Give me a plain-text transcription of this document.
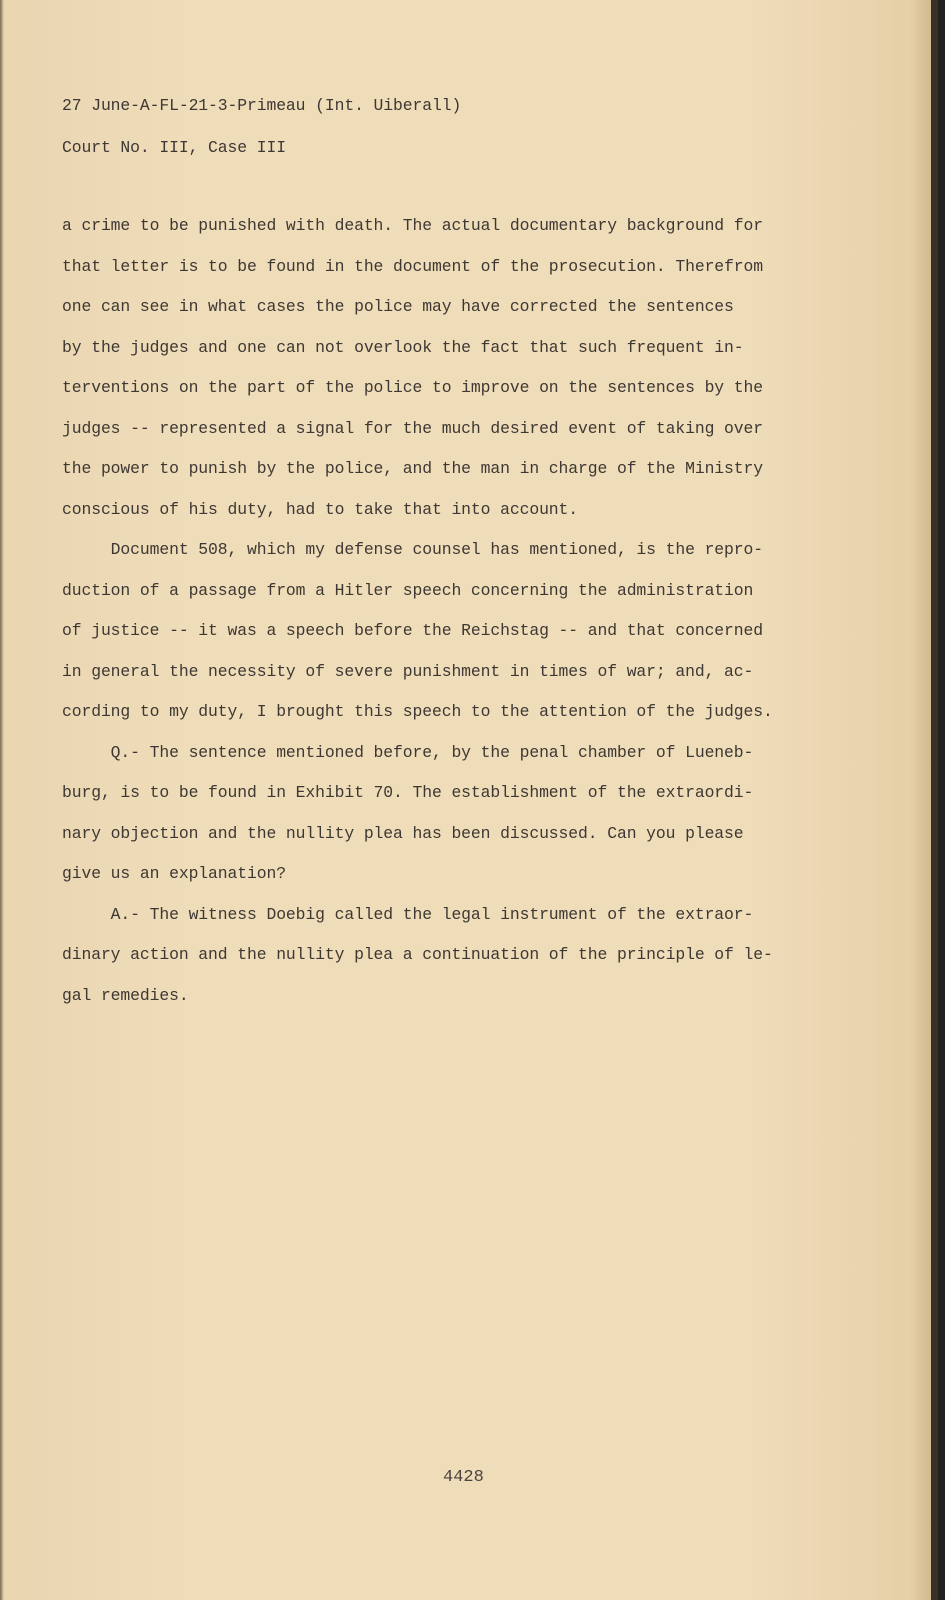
27 June-A-FL-21-3-Primeau (Int. Uiberall)
Court No. III, Case III
a crime to be punished with death. The actual documentary background for
that letter is to be found in the document of the prosecution. Therefrom
one can see in what cases the police may have corrected the sentences
by the judges and one can not overlook the fact that such frequent in-
terventions on the part of the police to improve on the sentences by the
judges -- represented a signal for the much desired event of taking over
the power to punish by the police, and the man in charge of the Ministry
conscious of his duty, had to take that into account.
Document 508, which my defense counsel has mentioned, is the repro-
duction of a passage from a Hitler speech concerning the administration
of justice -- it was a speech before the Reichstag -- and that concerned
in general the necessity of severe punishment in times of war; and, ac-
cording to my duty, I brought this speech to the attention of the judges.
Q.- The sentence mentioned before, by the penal chamber of Lueneb-
burg, is to be found in Exhibit 70. The establishment of the extraordi-
nary objection and the nullity plea has been discussed. Can you please
give us an explanation?
A.- The witness Doebig called the legal instrument of the extraor-
dinary action and the nullity plea a continuation of the principle of le-
gal remedies.
4428
